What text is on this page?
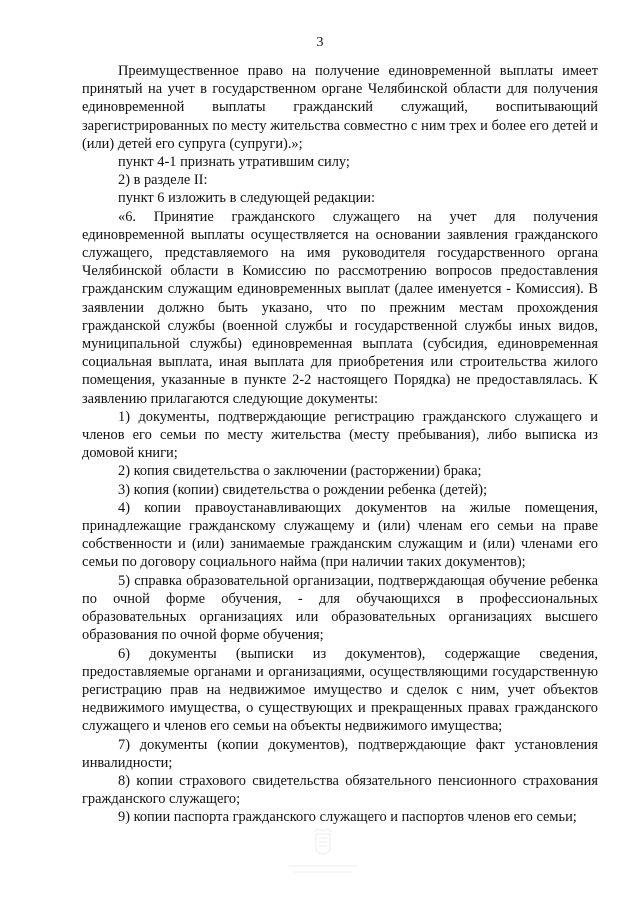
3

Преимущественное право на получение единовременной выплаты имеет принятый на учет в государственном органе Челябинской области для получения единовременной выплаты гражданский служащий, воспитывающий зарегистрированных по месту жительства совместно с ним трех и более его детей и (или) детей его супруга (супруги).»;

пункт 4-1 признать утратившим силу;

2) в разделе II:

пункт 6 изложить в следующей редакции:

«6. Принятие гражданского служащего на учет для получения единовременной выплаты осуществляется на основании заявления гражданского служащего, представляемого на имя руководителя государственного органа Челябинской области в Комиссию по рассмотрению вопросов предоставления гражданским служащим единовременных выплат (далее именуется - Комиссия). В заявлении должно быть указано, что по прежним местам прохождения гражданской службы (военной службы и государственной службы иных видов, муниципальной службы) единовременная выплата (субсидия, единовременная социальная выплата, иная выплата для приобретения или строительства жилого помещения, указанные в пункте 2-2 настоящего Порядка) не предоставлялась. К заявлению прилагаются следующие документы:

1) документы, подтверждающие регистрацию гражданского служащего и членов его семьи по месту жительства (месту пребывания), либо выписка из домовой книги;

2) копия свидетельства о заключении (расторжении) брака;

3) копия (копии) свидетельства о рождении ребенка (детей);

4) копии правоустанавливающих документов на жилые помещения, принадлежащие гражданскому служащему и (или) членам его семьи на праве собственности и (или) занимаемые гражданским служащим и (или) членами его семьи по договору социального найма (при наличии таких документов);

5) справка образовательной организации, подтверждающая обучение ребенка по очной форме обучения, - для обучающихся в профессиональных образовательных организациях или образовательных организациях высшего образования по очной форме обучения;

6) документы (выписки из документов), содержащие сведения, предоставляемые органами и организациями, осуществляющими государственную регистрацию прав на недвижимое имущество и сделок с ним, учет объектов недвижимого имущества, о существующих и прекращенных правах гражданского служащего и членов его семьи на объекты недвижимого имущества;

7) документы (копии документов), подтверждающие факт установления инвалидности;

8) копии страхового свидетельства обязательного пенсионного страхования гражданского служащего;

9) копии паспорта гражданского служащего и паспортов членов его семьи;
